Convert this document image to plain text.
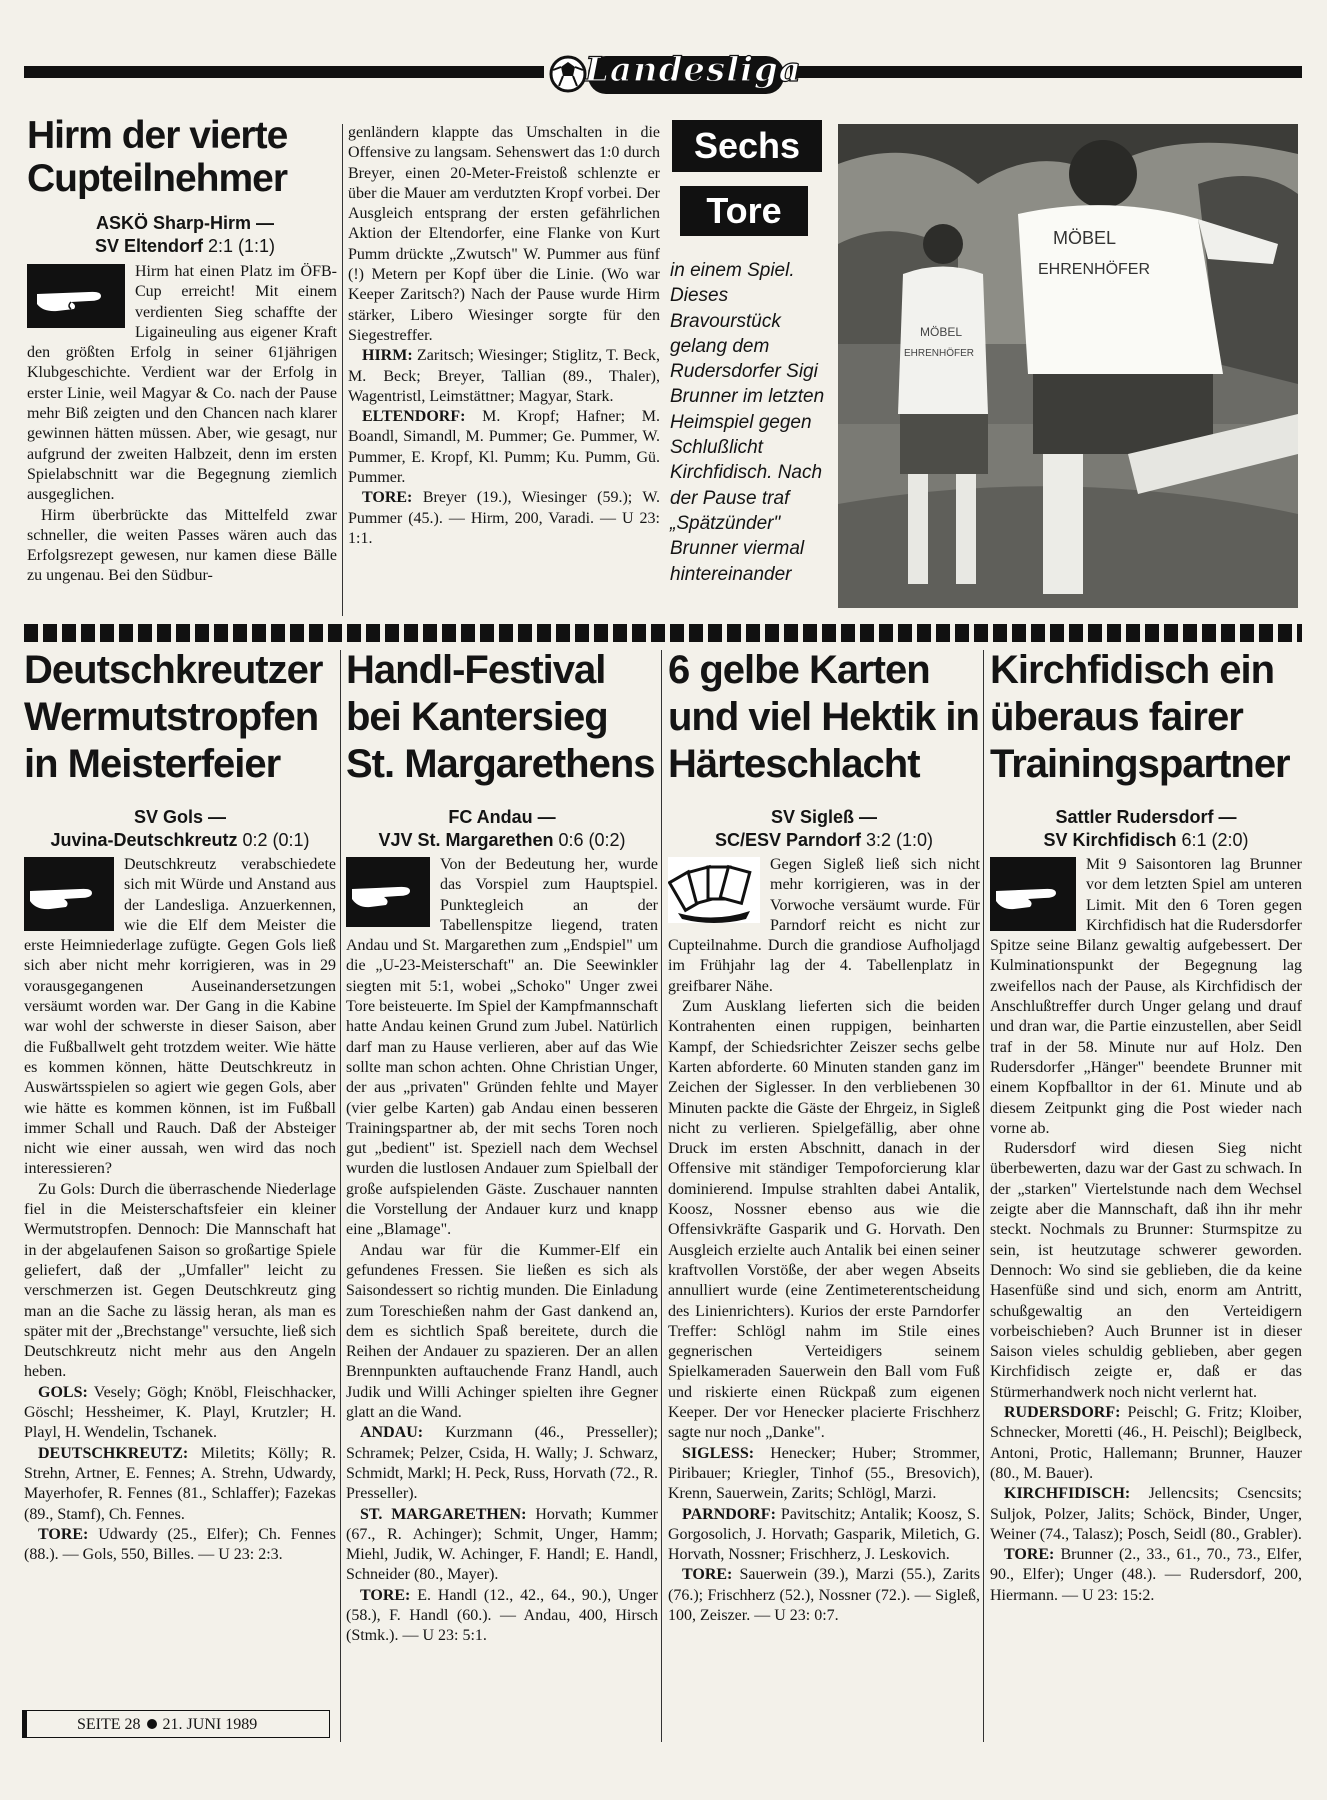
Landesliga
Hirm der vierte Cupteilnehmer
ASKÖ Sharp-Hirm —
SV Eltendorf 2:1 (1:1)

Hirm hat einen Platz im ÖFB-Cup erreicht! Mit einem verdienten Sieg schaffte der Ligaineuling aus eigener Kraft den größten Erfolg in seiner 61jährigen Klubgeschichte. Verdient war der Erfolg in erster Linie, weil Magyar & Co. nach der Pause mehr Biß zeigten und den Chancen nach klarer gewinnen hätten müssen. Aber, wie gesagt, nur aufgrund der zweiten Halbzeit, denn im ersten Spielabschnitt war die Begegnung ziemlich ausgeglichen.

Hirm überbrückte das Mittelfeld zwar schneller, die weiten Passes wären auch das Erfolgsrezept gewesen, nur kamen diese Bälle zu ungenau. Bei den Südbur-

genländern klappte das Umschalten in die Offensive zu langsam. Sehenswert das 1:0 durch Breyer, einen 20-Meter-Freistoß schlenzte er über die Mauer am verdutzten Kropf vorbei. Der Ausgleich entsprang der ersten gefährlichen Aktion der Eltendorfer, eine Flanke von Kurt Pumm drückte „Zwutsch" W. Pummer aus fünf (!) Metern per Kopf über die Linie. (Wo war Keeper Zaritsch?) Nach der Pause wurde Hirm stärker, Libero Wiesinger sorgte für den Siegestreffer.

HIRM: Zaritsch; Wiesinger; Stiglitz, T. Beck, M. Beck; Breyer, Tallian (89., Thaler), Wagentristl, Leimstättner; Magyar, Stark.

ELTENDORF: M. Kropf; Hafner; M. Boandl, Simandl, M. Pummer; Ge. Pummer, W. Pummer, E. Kropf, Kl. Pumm; Ku. Pumm, Gü. Pummer.

TORE: Breyer (19.), Wiesinger (59.); W. Pummer (45.). — Hirm, 200, Varadi. — U 23: 1:1.

Sechs
Tore
in einem Spiel. Dieses Bravourstück gelang dem Rudersdorfer Sigi Brunner im letzten Heimspiel gegen Schlußlicht Kirchfidisch. Nach der Pause traf „Spätzünder" Brunner viermal hintereinander
MÖBEL
EHRENHÖFER
MÖBEL
EHRENHÖFER
Deutschkreutzer Wermutstropfen in Meisterfeier
SV Gols —
Juvina-Deutschkreutz 0:2 (0:1)

Deutschkreutz verabschiedete sich mit Würde und Anstand aus der Landesliga. Anzuerkennen, wie die Elf dem Meister die erste Heimniederlage zufügte. Gegen Gols ließ sich aber nicht mehr korrigieren, was in 29 vorausgegangenen Auseinandersetzungen versäumt worden war. Der Gang in die Kabine war wohl der schwerste in dieser Saison, aber die Fußballwelt geht trotzdem weiter. Wie hätte es kommen können, hätte Deutschkreutz in Auswärtsspielen so agiert wie gegen Gols, aber wie hätte es kommen können, ist im Fußball immer Schall und Rauch. Daß der Absteiger nicht wie einer aussah, wen wird das noch interessieren?

Zu Gols: Durch die überraschende Niederlage fiel in die Meisterschaftsfeier ein kleiner Wermutstropfen. Dennoch: Die Mannschaft hat in der abgelaufenen Saison so großartige Spiele geliefert, daß der „Umfaller" leicht zu verschmerzen ist. Gegen Deutschkreutz ging man an die Sache zu lässig heran, als man es später mit der „Brechstange" versuchte, ließ sich Deutschkreutz nicht mehr aus den Angeln heben.

GOLS: Vesely; Gögh; Knöbl, Fleischhacker, Göschl; Hessheimer, K. Playl, Krutzler; H. Playl, H. Wendelin, Tschanek.

DEUTSCHKREUTZ: Miletits; Kölly; R. Strehn, Artner, E. Fennes; A. Strehn, Udwardy, Mayerhofer, R. Fennes (81., Schlaffer); Fazekas (89., Stamf), Ch. Fennes.

TORE: Udwardy (25., Elfer); Ch. Fennes (88.). — Gols, 550, Billes. — U 23: 2:3.

Handl-Festival bei Kantersieg St. Margarethens
FC Andau —
VJV St. Margarethen 0:6 (0:2)

Von der Bedeutung her, wurde das Vorspiel zum Hauptspiel. Punktegleich an der Tabellenspitze liegend, traten Andau und St. Margarethen zum „Endspiel" um die „U-23-Meisterschaft" an. Die Seewinkler siegten mit 5:1, wobei „Schoko" Unger zwei Tore beisteuerte. Im Spiel der Kampfmannschaft hatte Andau keinen Grund zum Jubel. Natürlich darf man zu Hause verlieren, aber auf das Wie sollte man schon achten. Ohne Christian Unger, der aus „privaten" Gründen fehlte und Mayer (vier gelbe Karten) gab Andau einen besseren Trainingspartner ab, der mit sechs Toren noch gut „bedient" ist. Speziell nach dem Wechsel wurden die lustlosen Andauer zum Spielball der große aufspielenden Gäste. Zuschauer nannten die Vorstellung der Andauer kurz und knapp eine „Blamage".

Andau war für die Kummer-Elf ein gefundenes Fressen. Sie ließen es sich als Saisondessert so richtig munden. Die Einladung zum Toreschießen nahm der Gast dankend an, dem es sichtlich Spaß bereitete, durch die Reihen der Andauer zu spazieren. Der an allen Brennpunkten auftauchende Franz Handl, auch Judik und Willi Achinger spielten ihre Gegner glatt an die Wand.

ANDAU: Kurzmann (46., Presseller); Schramek; Pelzer, Csida, H. Wally; J. Schwarz, Schmidt, Markl; H. Peck, Russ, Horvath (72., R. Presseller).

ST. MARGARETHEN: Horvath; Kummer (67., R. Achinger); Schmit, Unger, Hamm; Miehl, Judik, W. Achinger, F. Handl; E. Handl, Schneider (80., Mayer).

TORE: E. Handl (12., 42., 64., 90.), Unger (58.), F. Handl (60.). — Andau, 400, Hirsch (Stmk.). — U 23: 5:1.

6 gelbe Karten und viel Hektik in Härteschlacht
SV Sigleß —
SC/ESV Parndorf 3:2 (1:0)

Gegen Sigleß ließ sich nicht mehr korrigieren, was in der Vorwoche versäumt wurde. Für Parndorf reicht es nicht zur Cupteilnahme. Durch die grandiose Aufholjagd im Frühjahr lag der 4. Tabellenplatz in greifbarer Nähe.

Zum Ausklang lieferten sich die beiden Kontrahenten einen ruppigen, beinharten Kampf, der Schiedsrichter Zeiszer sechs gelbe Karten abforderte. 60 Minuten standen ganz im Zeichen der Siglesser. In den verbliebenen 30 Minuten packte die Gäste der Ehrgeiz, in Sigleß nicht zu verlieren. Spielgefällig, aber ohne Druck im ersten Abschnitt, danach in der Offensive mit ständiger Tempoforcierung klar dominierend. Impulse strahlten dabei Antalik, Koosz, Nossner ebenso aus wie die Offensivkräfte Gasparik und G. Horvath. Den Ausgleich erzielte auch Antalik bei einen seiner kraftvollen Vorstöße, der aber wegen Abseits annulliert wurde (eine Zentimeterentscheidung des Linienrichters). Kurios der erste Parndorfer Treffer: Schlögl nahm im Stile eines gegnerischen Verteidigers seinem Spielkameraden Sauerwein den Ball vom Fuß und riskierte einen Rückpaß zum eigenen Keeper. Der vor Henecker placierte Frischherz sagte nur noch „Danke".

SIGLESS: Henecker; Huber; Strommer, Piribauer; Kriegler, Tinhof (55., Bresovich), Krenn, Sauerwein, Zarits; Schlögl, Marzi.

PARNDORF: Pavitschitz; Antalik; Koosz, S. Gorgosolich, J. Horvath; Gasparik, Miletich, G. Horvath, Nossner; Frischherz, J. Leskovich.

TORE: Sauerwein (39.), Marzi (55.), Zarits (76.); Frischherz (52.), Nossner (72.). — Sigleß, 100, Zeiszer. — U 23: 0:7.

Kirchfidisch ein überaus fairer Trainingspartner
Sattler Rudersdorf —
SV Kirchfidisch 6:1 (2:0)

Mit 9 Saisontoren lag Brunner vor dem letzten Spiel am unteren Limit. Mit den 6 Toren gegen Kirchfidisch hat die Rudersdorfer Spitze seine Bilanz gewaltig aufgebessert. Der Kulminationspunkt der Begegnung lag zweifellos nach der Pause, als Kirchfidisch der Anschlußtreffer durch Unger gelang und drauf und dran war, die Partie einzustellen, aber Seidl traf in der 58. Minute nur auf Holz. Den Rudersdorfer „Hänger" beendete Brunner mit einem Kopfballtor in der 61. Minute und ab diesem Zeitpunkt ging die Post wieder nach vorne ab.

Rudersdorf wird diesen Sieg nicht überbewerten, dazu war der Gast zu schwach. In der „starken" Viertelstunde nach dem Wechsel zeigte aber die Mannschaft, daß ihn ihr mehr steckt. Nochmals zu Brunner: Sturmspitze zu sein, ist heutzutage schwerer geworden. Dennoch: Wo sind sie geblieben, die da keine Hasenfüße sind und sich, enorm am Antritt, schußgewaltig an den Verteidigern vorbeischieben? Auch Brunner ist in dieser Saison vieles schuldig geblieben, aber gegen Kirchfidisch zeigte er, daß er das Stürmerhandwerk noch nicht verlernt hat.

RUDERSDORF: Peischl; G. Fritz; Kloiber, Schnecker, Moretti (46., H. Peischl); Beiglbeck, Antoni, Protic, Hallemann; Brunner, Hauzer (80., M. Bauer).

KIRCHFIDISCH: Jellencsits; Csencsits; Suljok, Polzer, Jalits; Schöck, Binder, Unger, Weiner (74., Talasz); Posch, Seidl (80., Grabler).

TORE: Brunner (2., 33., 61., 70., 73., Elfer, 90., Elfer); Unger (48.). — Rudersdorf, 200, Hiermann. — U 23: 15:2.

SEITE 28 21. JUNI 1989
